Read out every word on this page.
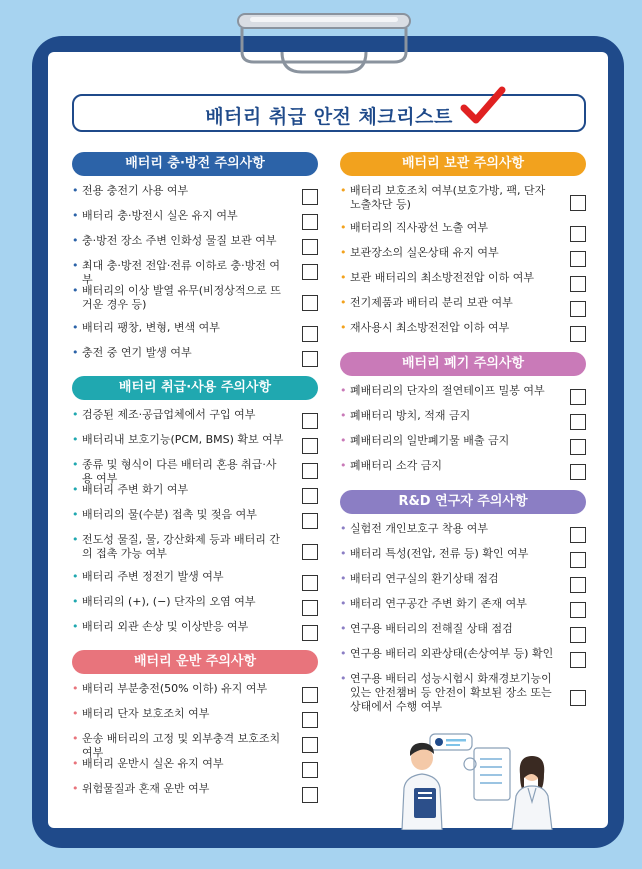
배터리 취급 안전 체크리스트
배터리 충·방전 주의사항
• 전용 충전기 사용 여부
• 배터리 충·방전시 실온 유지 여부
• 충·방전 장소 주변 인화성 물질 보관 여부
• 최대 충·방전 전압·전류 이하로 충·방전 여부
• 배터리의 이상 발열 유무(비정상적으로 뜨거운 경우 등)
• 배터리 팽창, 변형, 변색 여부
• 충전 중 연기 발생 여부
배터리 취급·사용 주의사항
• 검증된 제조·공급업체에서 구입 여부
• 배터리내 보호기능(PCM, BMS) 확보 여부
• 종류 및 형식이 다른 배터리 혼용 취급·사용 여부
• 배터리 주변 화기 여부
• 배터리의 물(수분) 접촉 및 젖음 여부
• 전도성 물질, 물, 강산화제 등과 배터리 간의 접촉 가능 여부
• 배터리 주변 정전기 발생 여부
• 배터리의 (+), (−) 단자의 오염 여부
• 배터리 외관 손상 및 이상반응 여부
배터리 운반 주의사항
• 배터리 부분충전(50% 이하) 유지 여부
• 배터리 단자 보호조치 여부
• 운송 배터리의 고정 및 외부충격 보호조치 여부
• 배터리 운반시 실온 유지 여부
• 위험물질과 혼재 운반 여부
배터리 보관 주의사항
• 배터리 보호조치 여부(보호가방, 팩, 단자 노출차단 등)
• 배터리의 직사광선 노출 여부
• 보관장소의 실온상태 유지 여부
• 보관 배터리의 최소방전전압 이하 여부
• 전기제품과 배터리 분리 보관 여부
• 재사용시 최소방전전압 이하 여부
배터리 폐기 주의사항
• 폐배터리의 단자의 절연테이프 밀봉 여부
• 폐배터리 방치, 적재 금지
• 폐배터리의 일반폐기물 배출 금지
• 폐배터리 소각 금지
R&D 연구자 주의사항
• 실험전 개인보호구 착용 여부
• 배터리 특성(전압, 전류 등) 확인 여부
• 배터리 연구실의 환기상태 점검
• 배터리 연구공간 주변 화기 존재 여부
• 연구용 배터리의 전해질 상태 점검
• 연구용 배터리 외관상태(손상여부 등) 확인
• 연구용 배터리 성능시험시 화재경보기능이 있는 안전챔버 등 안전이 확보된 장소 또는 상태에서 수행 여부
